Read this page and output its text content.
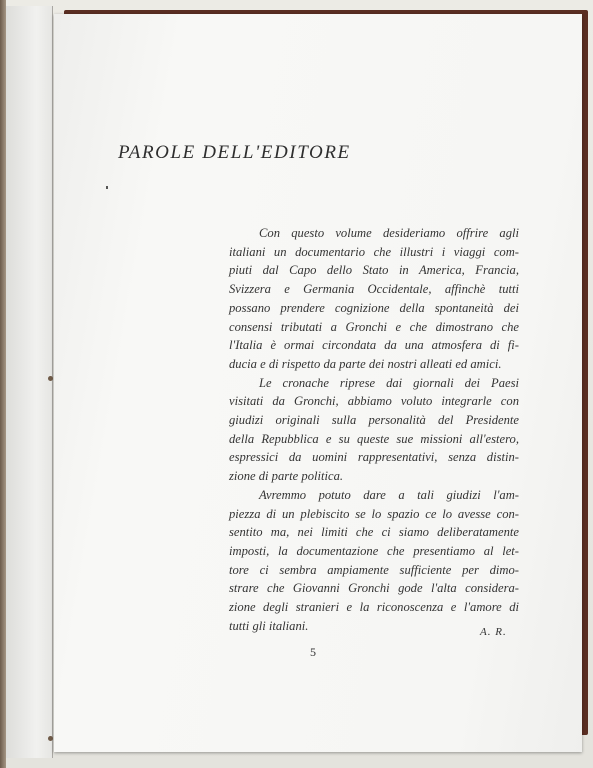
PAROLE DELL'EDITORE

Con questo volume desideriamo offrire agli
italiani un documentario che illustri i viaggi com-
piuti dal Capo dello Stato in America, Francia,
Svizzera e Germania Occidentale, affinchè tutti
possano prendere cognizione della spontaneità dei
consensi tributati a Gronchi e che dimostrano che
l'Italia è ormai circondata da una atmosfera di fi-
ducia e di rispetto da parte dei nostri alleati ed amici.

Le cronache riprese dai giornali dei Paesi
visitati da Gronchi, abbiamo voluto integrarle con
giudizi originali sulla personalità del Presidente
della Repubblica e su queste sue missioni all'estero,
espressici da uomini rappresentativi, senza distin-
zione di parte politica.

Avremmo potuto dare a tali giudizi l'am-
piezza di un plebiscito se lo spazio ce lo avesse con-
sentito ma, nei limiti che ci siamo deliberatamente
imposti, la documentazione che presentiamo al let-
tore ci sembra ampiamente sufficiente per dimo-
strare che Giovanni Gronchi gode l'alta considera-
zione degli stranieri e la riconoscenza e l'amore di
tutti gli italiani.	A. R.
5
